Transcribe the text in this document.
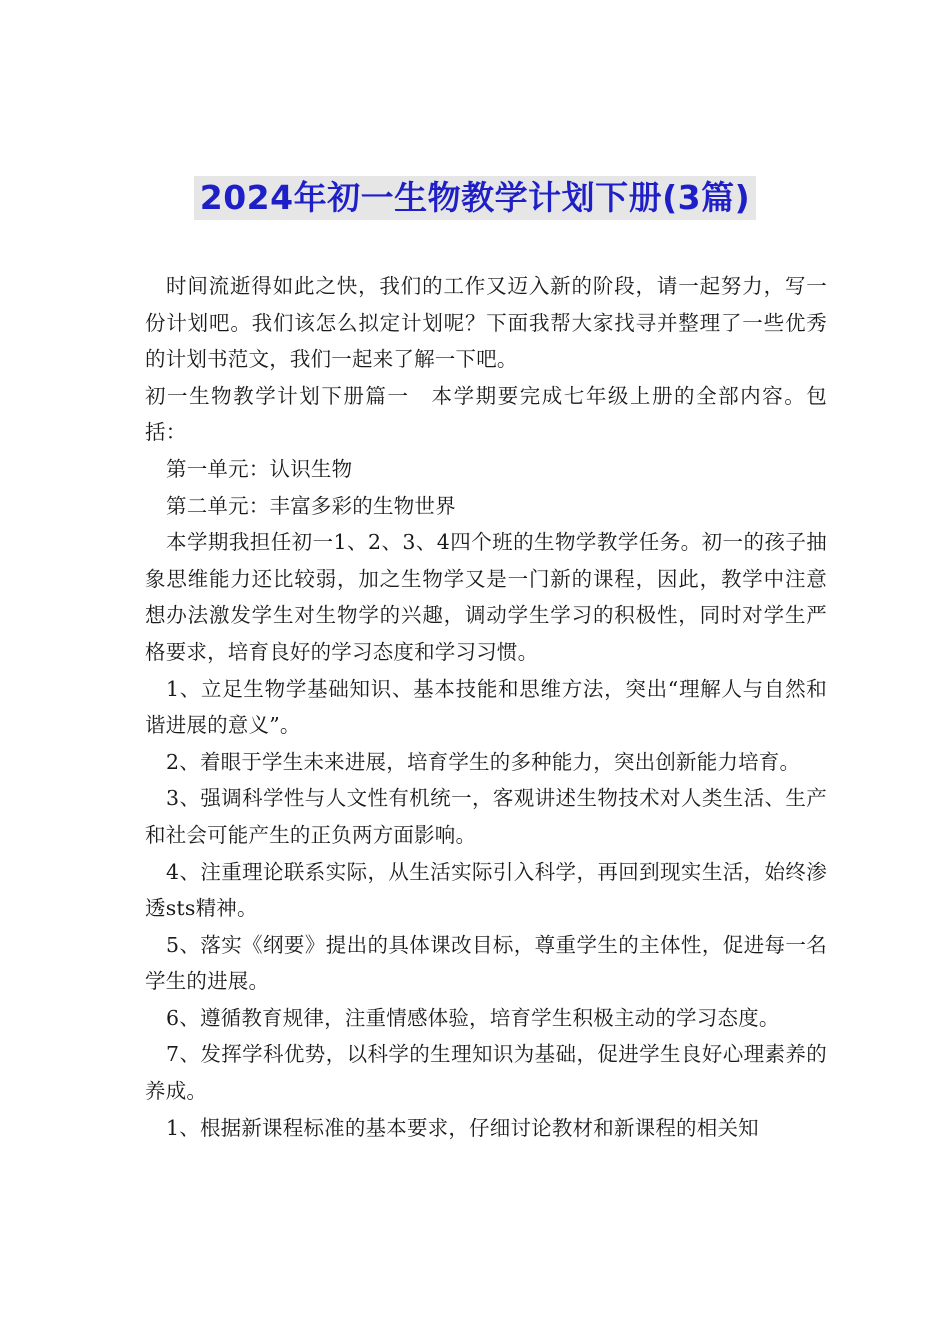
2024年初一生物教学计划下册(3篇)

时间流逝得如此之快，我们的工作又迈入新的阶段，请一起努力，写一份计划吧。我们该怎么拟定计划呢？下面我帮大家找寻并整理了一些优秀的计划书范文，我们一起来了解一下吧。

初一生物教学计划下册篇一　本学期要完成七年级上册的全部内容。包括：

第一单元：认识生物

第二单元：丰富多彩的生物世界

本学期我担任初一1、2、3、4四个班的生物学教学任务。初一的孩子抽象思维能力还比较弱，加之生物学又是一门新的课程，因此，教学中注意想办法激发学生对生物学的兴趣，调动学生学习的积极性，同时对学生严格要求，培育良好的学习态度和学习习惯。

1、立足生物学基础知识、基本技能和思维方法，突出“理解人与自然和谐进展的意义”。

2、着眼于学生未来进展，培育学生的多种能力，突出创新能力培育。

3、强调科学性与人文性有机统一，客观讲述生物技术对人类生活、生产和社会可能产生的正负两方面影响。

4、注重理论联系实际，从生活实际引入科学，再回到现实生活，始终渗透sts精神。

5、落实《纲要》提出的具体课改目标，尊重学生的主体性，促进每一名学生的进展。

6、遵循教育规律，注重情感体验，培育学生积极主动的学习态度。

7、发挥学科优势，以科学的生理知识为基础，促进学生良好心理素养的养成。

1、根据新课程标准的基本要求，仔细讨论教材和新课程的相关知
